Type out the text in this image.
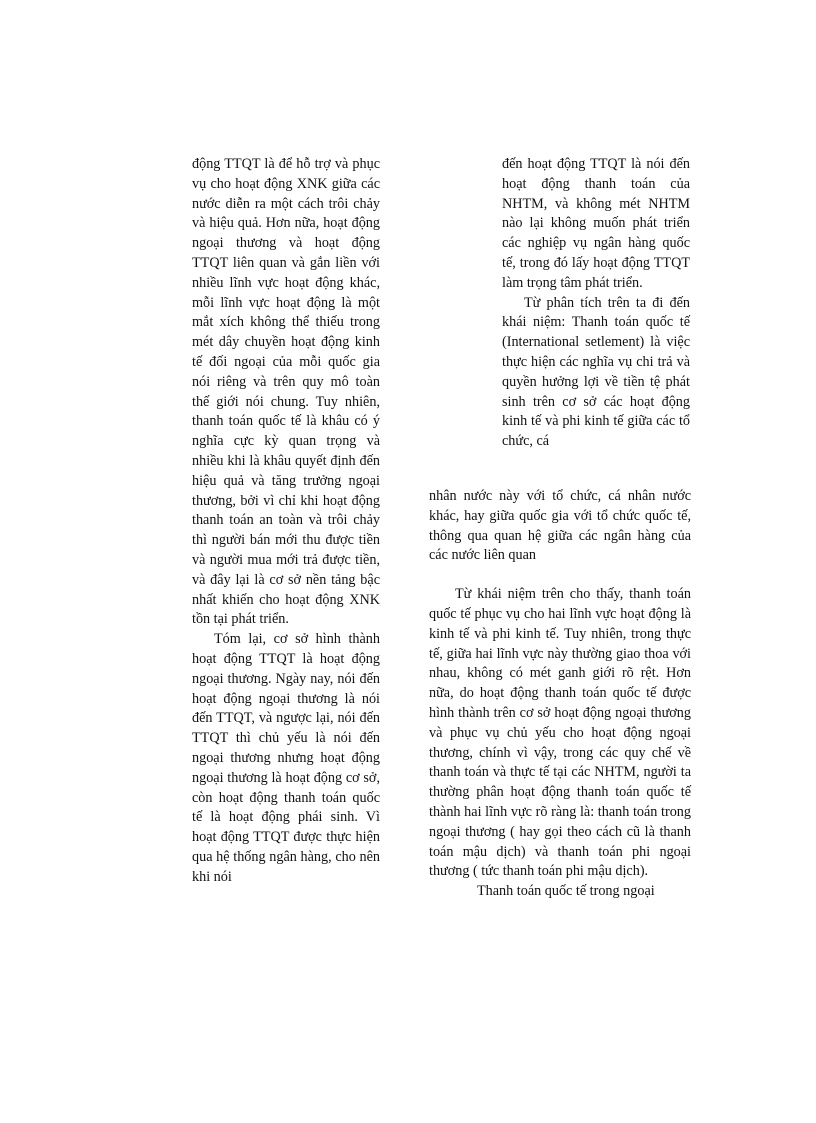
động TTQT là để hỗ trợ và phục vụ cho hoạt động XNK giữa các nước diễn ra một cách trôi chảy và hiệu quả. Hơn nữa, hoạt động ngoại thương và hoạt động TTQT liên quan và gắn liền với nhiều lĩnh vực hoạt động khác, mỗi lĩnh vực hoạt động là một mắt xích không thể thiếu trong mét dây chuyền hoạt động kinh tế đối ngoại của mỗi quốc gia nói riêng và trên quy mô toàn thế giới nói chung. Tuy nhiên, thanh toán quốc tế là khâu có ý nghĩa cực kỳ quan trọng và nhiều khi là khâu quyết định đến hiệu quả và tăng trưởng ngoại thương, bởi vì chỉ khi hoạt động thanh toán an toàn và trôi chảy thì người bán mới thu được tiền và người mua mới trả được tiền, và đây lại là cơ sở nền tảng bậc nhất khiến cho hoạt động XNK tồn tại phát triển.

Tóm lại, cơ sở hình thành hoạt động TTQT là hoạt động ngoại thương. Ngày nay, nói đến hoạt động ngoại thương là nói đến TTQT, và ngược lại, nói đến TTQT thì chủ yếu là nói đến ngoại thương nhưng hoạt động ngoại thương là hoạt động cơ sở, còn hoạt động thanh toán quốc tế là hoạt động phái sinh. Vì hoạt động TTQT được thực hiện qua hệ thống ngân hàng, cho nên khi nói

đến hoạt động TTQT là nói đến hoạt động thanh toán của NHTM, và không mét NHTM nào lại không muốn phát triển các nghiệp vụ ngân hàng quốc tế, trong đó lấy hoạt động TTQT làm trọng tâm phát triển.

Từ phân tích trên ta đi đến khái niệm: Thanh toán quốc tế (International setlement) là việc thực hiện các nghĩa vụ chi trả và quyền hưởng lợi về tiền tệ phát sinh trên cơ sở các hoạt động kinh tế và phi kinh tế giữa các tổ chức, cá

nhân nước này với tổ chức, cá nhân nước khác, hay giữa quốc gia với tổ chức quốc tế, thông qua quan hệ giữa các ngân hàng của các nước liên quan

Từ khái niệm trên cho thấy, thanh toán quốc tế phục vụ cho hai lĩnh vực hoạt động là kinh tế và phi kinh tế. Tuy nhiên, trong thực tế, giữa hai lĩnh vực này thường giao thoa với nhau, không có mét ganh giới rõ rệt. Hơn nữa, do hoạt động thanh toán quốc tế được hình thành trên cơ sở hoạt động ngoại thương và phục vụ chủ yếu cho hoạt động ngoại thương, chính vì vậy, trong các quy chế về thanh toán và thực tế tại các NHTM, người ta thường phân hoạt động thanh toán quốc tế thành hai lĩnh vực rõ ràng là: thanh toán trong ngoại thương ( hay gọi theo cách cũ là thanh toán mậu dịch) và thanh toán phi ngoại thương ( tức thanh toán phi mậu dịch).

Thanh toán quốc tế trong ngoại
